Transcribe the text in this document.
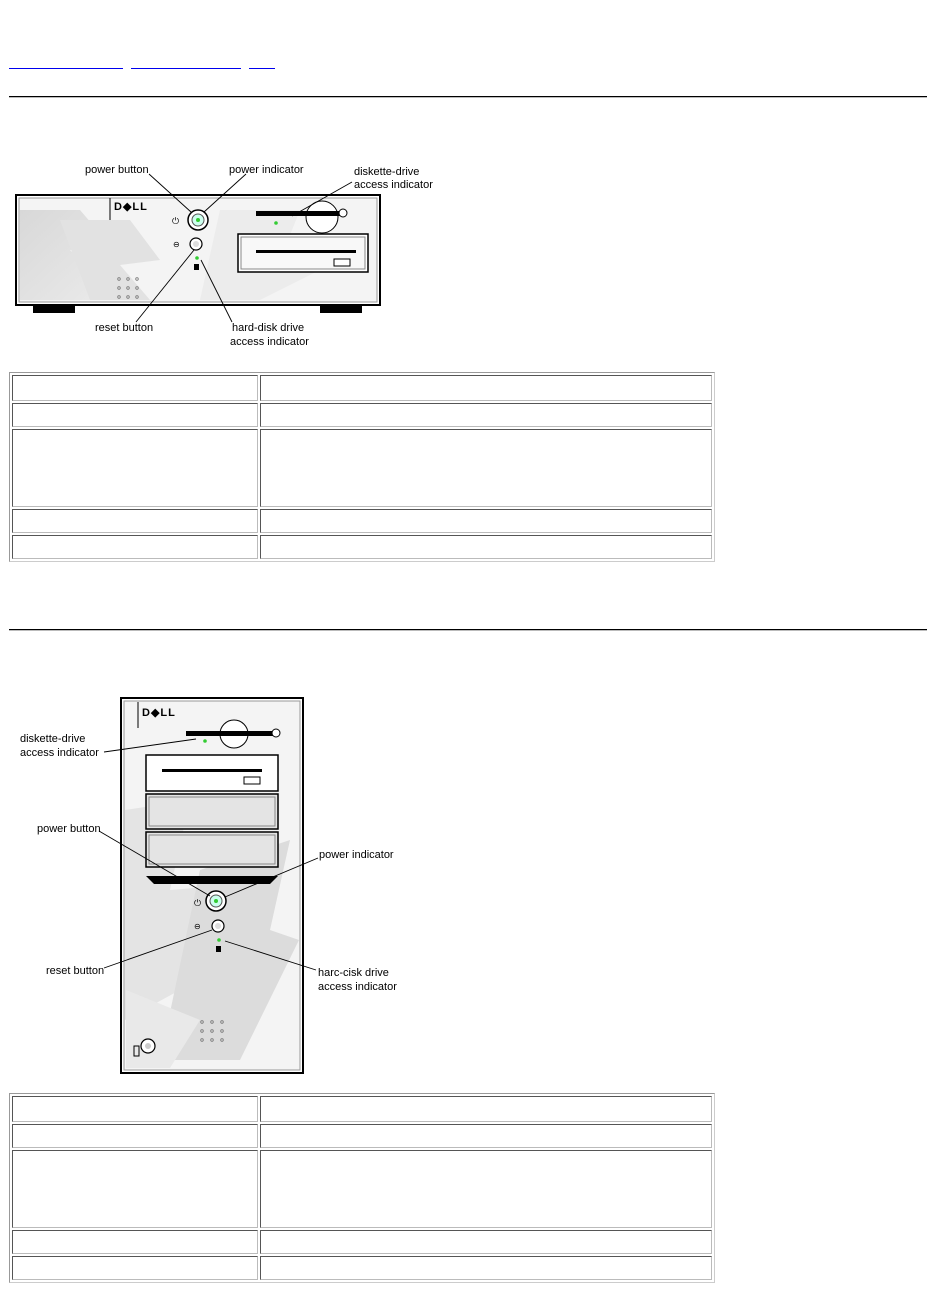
D◆LL
⏻
⊖
power button	power indicator	diskette-drive
access indicator
reset button	hard-disk drive
access indicator

D◆LL
⏻
⊖
diskette-drive
access indicator
power button
power indicator
reset button	harc-cisk drive
access indicator
